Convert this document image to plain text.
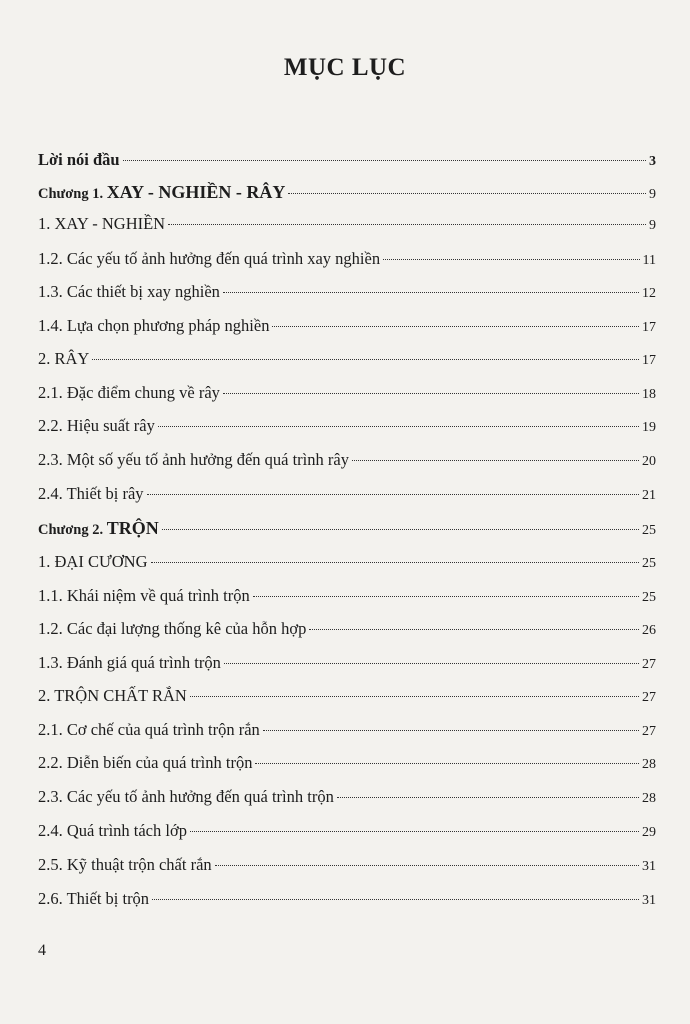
MỤC LỤC
Lời nói đầu	3
Chương 1. XAY - NGHIỀN - RÂY	9
1. XAY - NGHIỀN	9
1.2. Các yếu tố ảnh hưởng đến quá trình xay nghiền	11
1.3. Các thiết bị xay nghiền	12
1.4. Lựa chọn phương pháp nghiền	17
2. RÂY	17
2.1. Đặc điểm chung về rây	18
2.2. Hiệu suất rây	19
2.3. Một số yếu tố ảnh hưởng đến quá trình rây	20
2.4. Thiết bị rây	21
Chương 2. TRỘN	25
1. ĐẠI CƯƠNG	25
1.1. Khái niệm về quá trình trộn	25
1.2. Các đại lượng thống kê của hỗn hợp	26
1.3. Đánh giá quá trình trộn	27
2. TRỘN CHẤT RẮN	27
2.1. Cơ chế của quá trình trộn rắn	27
2.2. Diễn biến của quá trình trộn	28
2.3. Các yếu tố ảnh hưởng đến quá trình trộn	28
2.4. Quá trình tách lớp	29
2.5. Kỹ thuật trộn chất rắn	31
2.6. Thiết bị trộn	31
4
